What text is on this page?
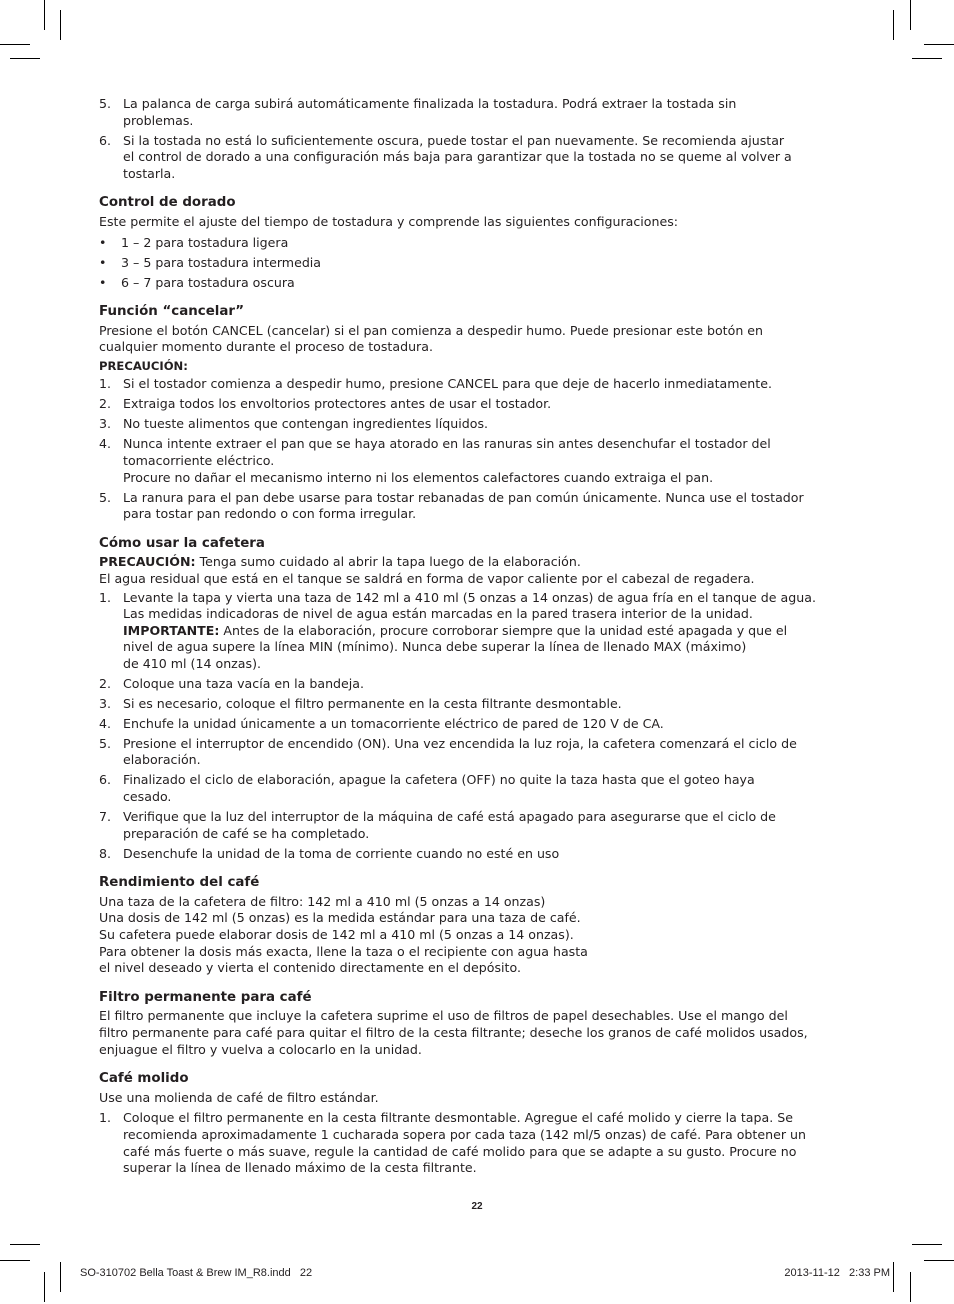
5. La palanca de carga subirá automáticamente finalizada la tostadura. Podrá extraer la tostada sin
problemas.
6. Si la tostada no está lo suficientemente oscura, puede tostar el pan nuevamente. Se recomienda ajustar
el control de dorado a una configuración más baja para garantizar que la tostada no se queme al volver a
tostarla.
Control de dorado

Este permite el ajuste del tiempo de tostadura y comprende las siguientes configuraciones:

• 1 – 2 para tostadura ligera
• 3 – 5 para tostadura intermedia
• 6 – 7 para tostadura oscura
Función “cancelar”

Presione el botón CANCEL (cancelar) si el pan comienza a despedir humo. Puede presionar este botón en

cualquier momento durante el proceso de tostadura.

PRECAUCIÓN:
1. Si el tostador comienza a despedir humo, presione CANCEL para que deje de hacerlo inmediatamente.
2. Extraiga todos los envoltorios protectores antes de usar el tostador.
3. No tueste alimentos que contengan ingredientes líquidos.
4. Nunca intente extraer el pan que se haya atorado en las ranuras sin antes desenchufar el tostador del
tomacorriente eléctrico.
Procure no dañar el mecanismo interno ni los elementos calefactores cuando extraiga el pan.
5. La ranura para el pan debe usarse para tostar rebanadas de pan común únicamente. Nunca use el tostador
para tostar pan redondo o con forma irregular.
Cómo usar la cafetera

PRECAUCIÓN: Tenga sumo cuidado al abrir la tapa luego de la elaboración.

El agua residual que está en el tanque se saldrá en forma de vapor caliente por el cabezal de regadera.

1. Levante la tapa y vierta una taza de 142 ml a 410 ml (5 onzas a 14 onzas) de agua fría en el tanque de agua.
Las medidas indicadoras de nivel de agua están marcadas en la pared trasera interior de la unidad.
IMPORTANTE: Antes de la elaboración, procure corroborar siempre que la unidad esté apagada y que el
nivel de agua supere la línea MIN (mínimo). Nunca debe superar la línea de llenado MAX (máximo)
de 410 ml (14 onzas).
2. Coloque una taza vacía en la bandeja.
3. Si es necesario, coloque el filtro permanente en la cesta filtrante desmontable.
4. Enchufe la unidad únicamente a un tomacorriente eléctrico de pared de 120 V de CA.
5. Presione el interruptor de encendido (ON). Una vez encendida la luz roja, la cafetera comenzará el ciclo de
elaboración.
6. Finalizado el ciclo de elaboración, apague la cafetera (OFF) no quite la taza hasta que el goteo haya
cesado.
7. Verifique que la luz del interruptor de la máquina de café está apagado para asegurarse que el ciclo de
preparación de café se ha completado.
8. Desenchufe la unidad de la toma de corriente cuando no esté en uso
Rendimiento del café
Una taza de la cafetera de filtro: 142 ml a 410 ml (5 onzas a 14 onzas)
Una dosis de 142 ml (5 onzas) es la medida estándar para una taza de café.
Su cafetera puede elaborar dosis de 142 ml a 410 ml (5 onzas a 14 onzas).
Para obtener la dosis más exacta, llene la taza o el recipiente con agua hasta
el nivel deseado y vierta el contenido directamente en el depósito.
Filtro permanente para café
El filtro permanente que incluye la cafetera suprime el uso de filtros de papel desechables. Use el mango del
filtro permanente para café para quitar el filtro de la cesta filtrante; deseche los granos de café molidos usados,
enjuague el filtro y vuelva a colocarlo en la unidad.
Café molido

Use una molienda de café de filtro estándar.

1. Coloque el filtro permanente en la cesta filtrante desmontable. Agregue el café molido y cierre la tapa. Se
recomienda aproximadamente 1 cucharada sopera por cada taza (142 ml/5 onzas) de café. Para obtener un
café más fuerte o más suave, regule la cantidad de café molido para que se adapte a su gusto. Procure no
superar la línea de llenado máximo de la cesta filtrante.
22
SO-310702 Bella Toast & Brew IM_R8.indd   22	2013-11-12   2:33 PM
